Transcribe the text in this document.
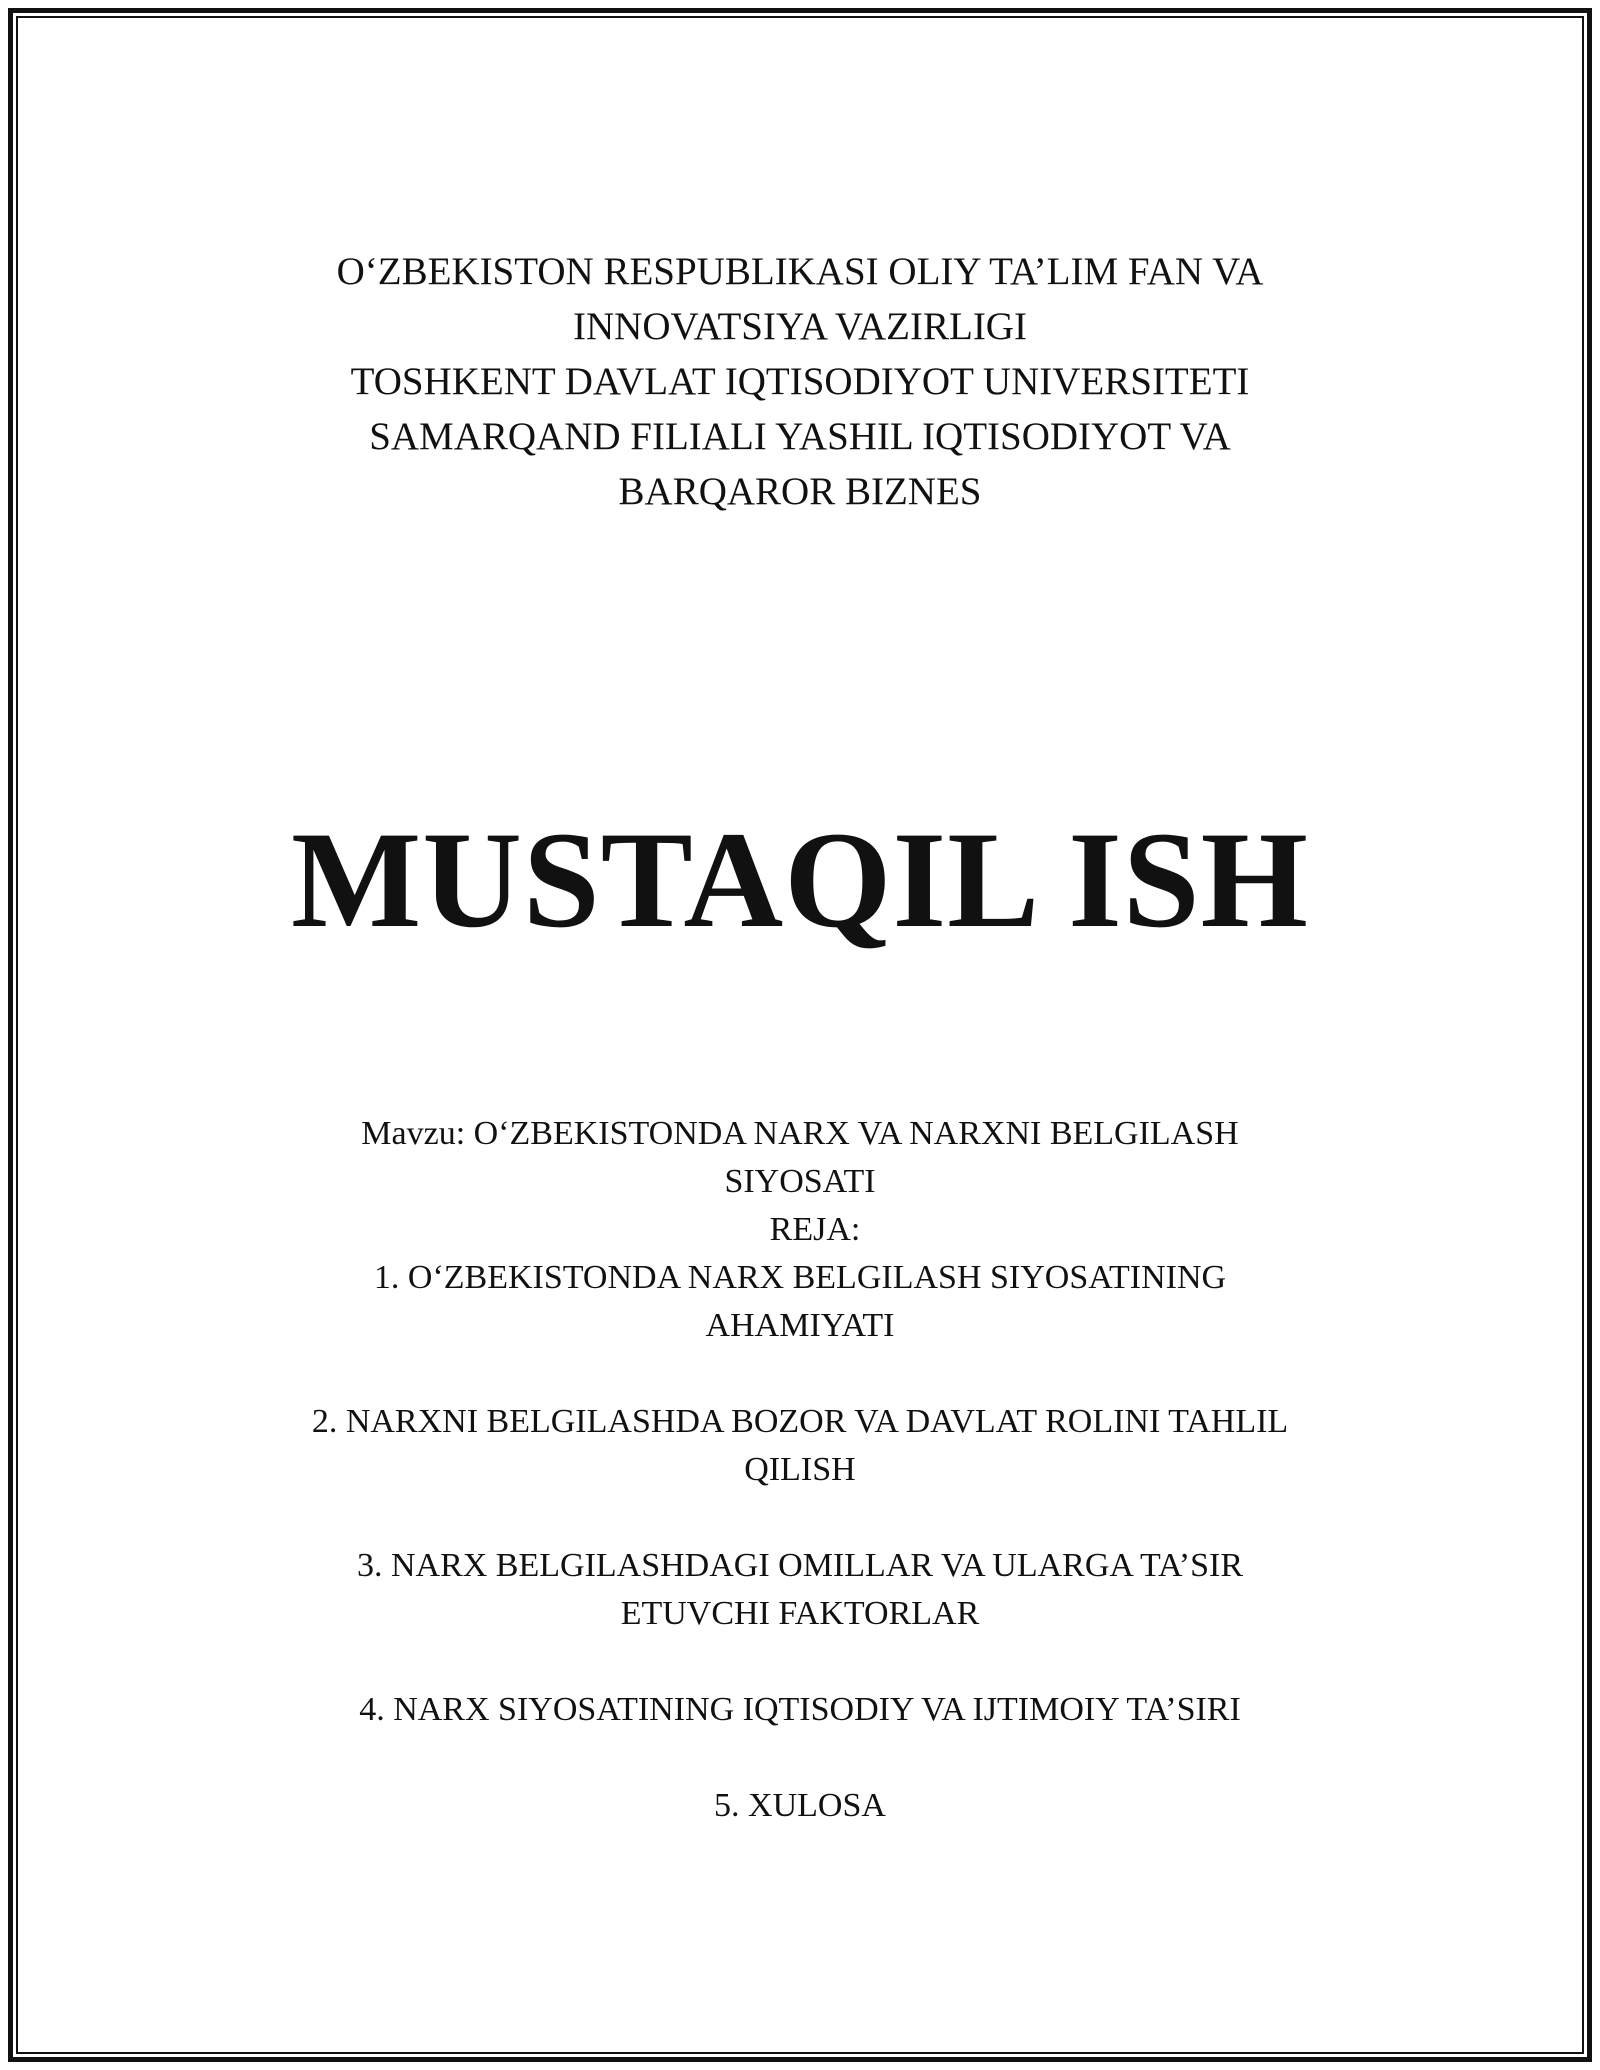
O‘ZBEKISTON RESPUBLIKASI OLIY TA’LIM FAN VA
INNOVATSIYA VAZIRLIGI
TOSHKENT DAVLAT IQTISODIYOT UNIVERSITETI
SAMARQAND FILIALI YASHIL IQTISODIYOT VA
BARQAROR BIZNES
MUSTAQIL ISH
Mavzu: O‘ZBEKISTONDA NARX VA NARXNI BELGILASH
SIYOSATI
REJA:
1. O‘ZBEKISTONDA NARX BELGILASH SIYOSATINING
AHAMIYATI
2. NARXNI BELGILASHDA BOZOR VA DAVLAT ROLINI TAHLIL
QILISH
3. NARX BELGILASHDAGI OMILLAR VA ULARGA TA’SIR
ETUVCHI FAKTORLAR
4. NARX SIYOSATINING IQTISODIY VA IJTIMOIY TA’SIRI
5. XULOSA
